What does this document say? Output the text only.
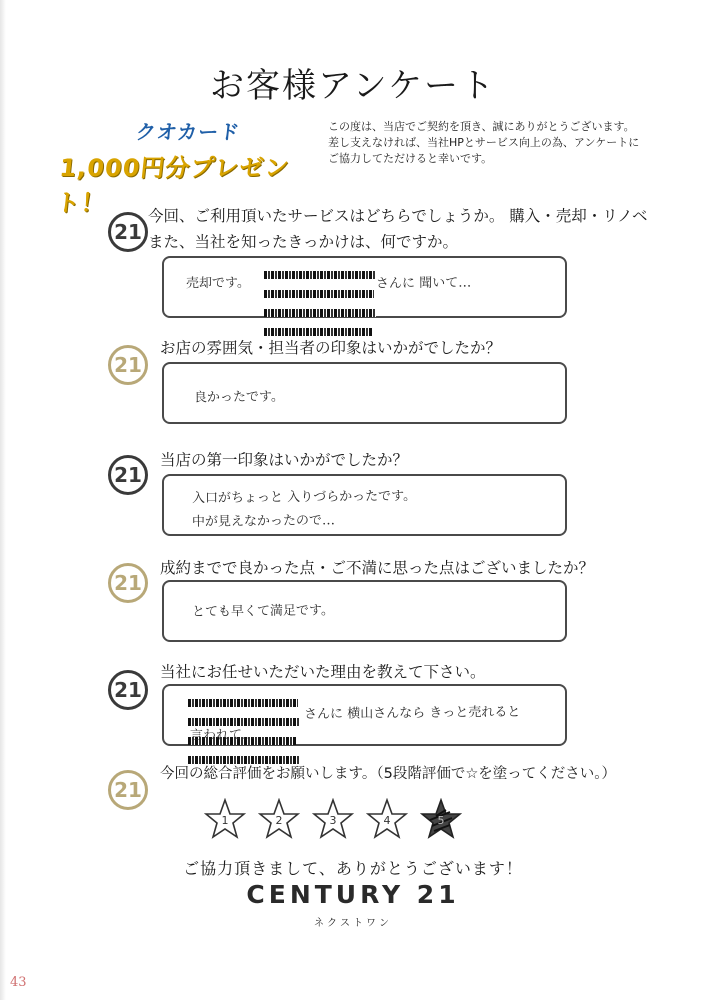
お客様アンケート
クオカード
1,000円分プレゼント！
この度は、当店でご契約を頂き、誠にありがとうございます。
差し支えなければ、当社HPとサービス向上の為、アンケートに
ご協力してただけると幸いです。
21
今回、ご利用頂いたサービスはどちらでしょうか。 購入・売却・リノベ
また、当社を知ったきっかけは、何ですか。
売却です。
	さんに 聞いて…
21
お店の雰囲気・担当者の印象はいかがでしたか？
良かったです。
21
当店の第一印象はいかがでしたか？
入口がちょっと 入りづらかったです。
中が見えなかったので…
21
成約までで良かった点・ご不満に思った点はございましたか？
とても早くて満足です。
21
当社にお任せいただいた理由を教えて下さい。

さんに 横山さんなら きっと売れると
言われて…
21
今回の総合評価をお願いします。（5段階評価で☆を塗ってください。）
1	2	3	4	5
ご協力頂きまして、ありがとうございます！
CENTURY 21
ネクストワン
43
